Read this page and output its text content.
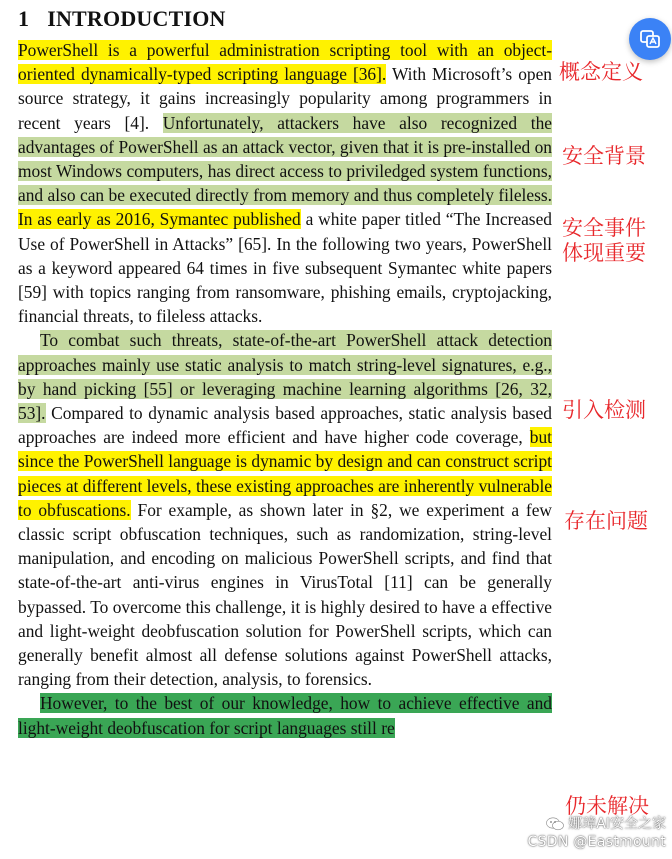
1 INTRODUCTION

PowerShell is a powerful administration scripting tool with an object-oriented dynamically-typed scripting language [36]. With Microsoft’s open source strategy, it gains increasingly popularity among programmers in recent years [4]. Unfortunately, attackers have also recognized the advantages of PowerShell as an attack vector, given that it is pre-installed on most Windows computers, has direct access to priviledged system functions, and also can be executed directly from memory and thus completely fileless. In as early as 2016, Symantec published a white paper titled “The Increased Use of PowerShell in Attacks” [65]. In the following two years, PowerShell as a keyword appeared 64 times in five subsequent Symantec white papers [59] with topics ranging from ransomware, phishing emails, cryptojacking, financial threats, to fileless attacks.

To combat such threats, state-of-the-art PowerShell attack detection approaches mainly use static analysis to match string-level signatures, e.g., by hand picking [55] or leveraging machine learning algorithms [26, 32, 53]. Compared to dynamic analysis based approaches, static analysis based approaches are indeed more efficient and have higher code coverage, but since the PowerShell language is dynamic by design and can construct script pieces at different levels, these existing approaches are inherently vulnerable to obfuscations. For example, as shown later in §2, we experiment a few classic script obfuscation techniques, such as randomization, string-level manipulation, and encoding on malicious PowerShell scripts, and find that state-of-the-art anti-virus engines in VirusTotal [11] can be generally bypassed. To overcome this challenge, it is highly desired to have a effective and light-weight deobfuscation solution for PowerShell scripts, which can generally benefit almost all defense solutions against PowerShell attacks, ranging from their detection, analysis, to forensics.

However, to the best of our knowledge, how to achieve effective and light-weight deobfuscation for script languages still re

概念定义
安全背景
安全事件
体现重要
引入检测
存在问题
仍未解决
娜璋AI安全之家
CSDN @Eastmount
